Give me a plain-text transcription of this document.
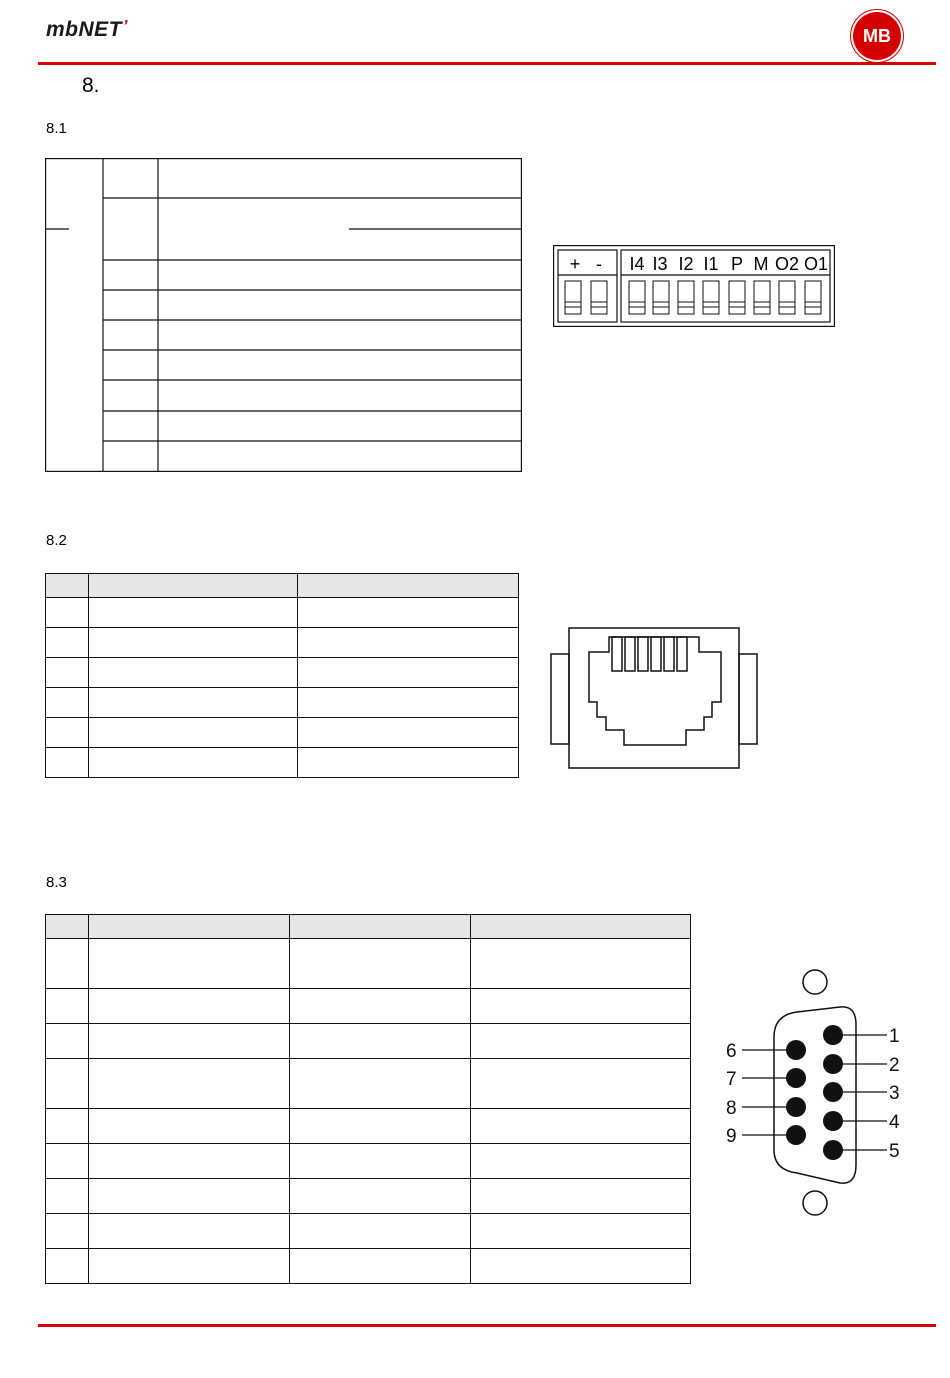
mbNET’	MB
8.
8.1
+ - I4 I3 I2 I1 P M O2 O1
8.2

8.3

1
2
3
4
5
6
7
8
9
